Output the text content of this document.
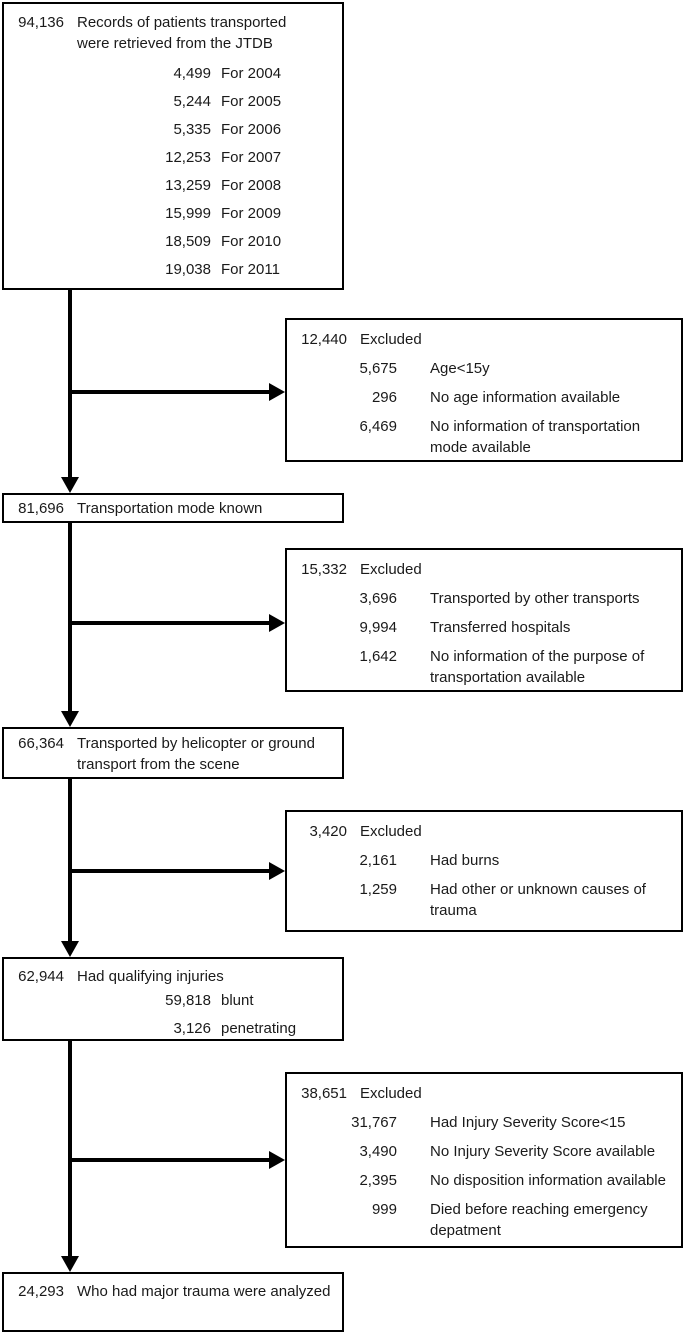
94,136 Records of patients transported were retrieved from the JTDB
4,499 For 2004
5,244 For 2005
5,335 For 2006
12,253 For 2007
13,259 For 2008
15,999 For 2009
18,509 For 2010
19,038 For 2011
12,440 Excluded
5,675 Age<15y
296 No age information available
6,469 No information of transportation mode available
81,696 Transportation mode known
15,332 Excluded
3,696 Transported by other transports
9,994 Transferred hospitals
1,642 No information of the purpose of transportation available
66,364 Transported by helicopter or ground transport from the scene
3,420 Excluded
2,161 Had burns
1,259 Had other or unknown causes of trauma
62,944 Had qualifying injuries
59,818 blunt
3,126 penetrating
38,651 Excluded
31,767 Had Injury Severity Score<15
3,490 No Injury Severity Score available
2,395 No disposition information available
999 Died before reaching emergency depatment
24,293 Who had major trauma were analyzed
